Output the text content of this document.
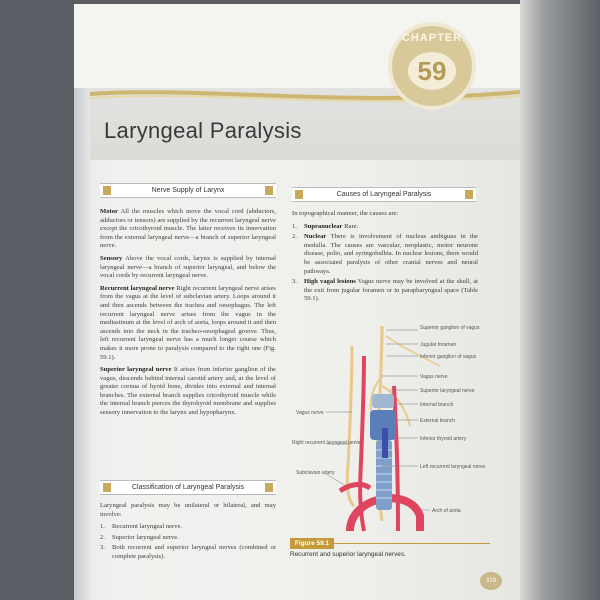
CHAPTER
59
Laryngeal Paralysis
Nerve Supply of Larynx

Motor All the muscles which move the vocal cord (abductors, adductors or tensors) are supplied by the recurrent laryngeal nerve except the cricothyroid muscle. The latter receives its innervation from the external laryngeal nerve—a branch of superior laryngeal nerve.

Sensory Above the vocal cords, larynx is supplied by internal laryngeal nerve—a branch of superior laryngeal, and below the vocal cords by recurrent laryngeal nerve.

Recurrent laryngeal nerve Right recurrent laryngeal nerve arises from the vagus at the level of subclavian artery. Loops around it and then ascends between the trachea and oesophagus. The left recurrent laryngeal nerve arises from the vagus in the mediastinum at the level of arch of aorta, loops around it and then ascends into the neck in the tracheo-oesophageal groove. Thus, left recurrent laryngeal nerve has a much longer course which makes it more prone to paralysis compared to the right one (Fig. 59.1).

Superior laryngeal nerve It arises from inferior ganglion of the vagus, descends behind internal carotid artery and, at the level of greater cornua of hyoid bone, divides into external and internal branches. The external branch supplies cricothyroid muscle while the internal branch pierces the thyrohyoid membrane and supplies sensory innervation to the larynx and hypopharynx.

Classification of Laryngeal Paralysis

Laryngeal paralysis may be unilateral or bilateral, and may involve:

1. Recurrent laryngeal nerve.
2. Superior laryngeal nerve.
3. Both recurrent and superior laryngeal nerves (combined or complete paralysis).
Causes of Laryngeal Paralysis

In topographical manner, the causes are:

1. Supranuclear Rare.
2. Nuclear There is involvement of nucleus ambiguus in the medulla. The causes are vascular, neoplastic, motor neurone disease, polio, and syringobulbia. In nuclear lesions, there would be associated paralysis of other cranial nerves and neural pathways.
3. High vagal lesions Vagus nerve may be involved at the skull, at the exit from jugular foramen or in parapharyngeal space (Table 59.1).
Superior ganglion of vagus
Jugular foramen
Inferior ganglion of vagus
Vagus nerve
Superior laryngeal nerve
Internal branch
External branch
Inferior thyroid artery
Left recurrent laryngeal nerve
Arch of aorta
Vagus nerve
Right recurrent laryngeal nerve
Subclavian artery
Figure 59.1
Recurrent and superior laryngeal nerves.
319
